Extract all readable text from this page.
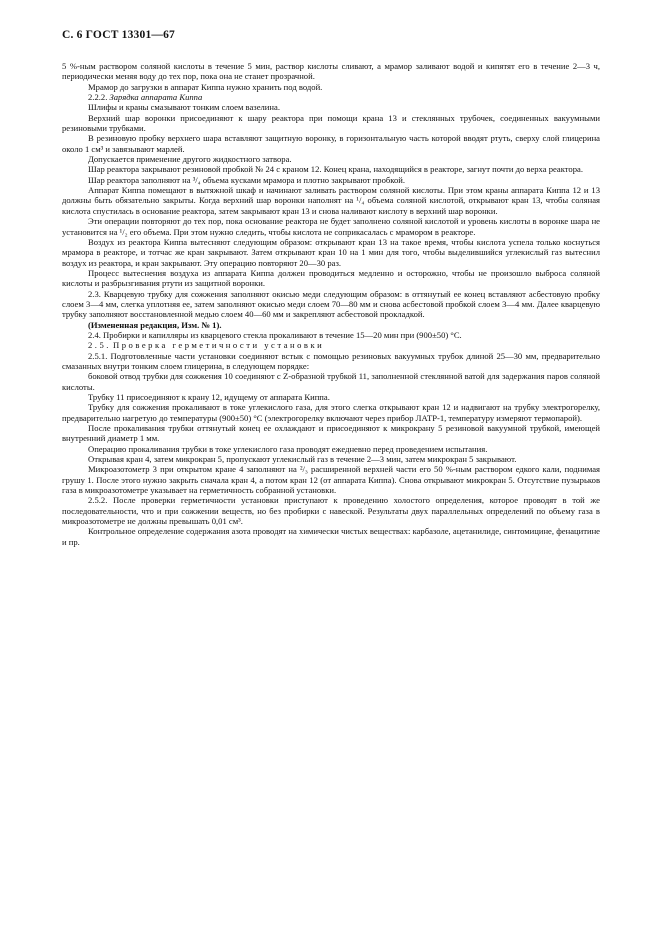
С. 6 ГОСТ 13301—67

5 %-ным раствором соляной кислоты в течение 5 мин, раствор кислоты сливают, а мрамор заливают водой и кипятят его в течение 2—3 ч, периодически меняя воду до тех пор, пока она не станет прозрачной.

Мрамор до загрузки в аппарат Киппа нужно хранить под водой.

2.2.2. Зарядка аппарата Киппа

Шлифы и краны смазывают тонким слоем вазелина.

Верхний шар воронки присоединяют к шару реактора при помощи крана 13 и стеклянных трубочек, соединенных вакуумными резиновыми трубками.

В резиновую пробку верхнего шара вставляют защитную воронку, в горизонтальную часть которой вводят ртуть, сверху слой глицерина около 1 см³ и завязывают марлей.

Допускается применение другого жидкостного затвора.

Шар реактора закрывают резиновой пробкой № 24 с краном 12. Конец крана, находящийся в реакторе, загнут почти до верха реактора.

Шар реактора заполняют на ³/₄ объема кусками мрамора и плотно закрывают пробкой.

Аппарат Киппа помещают в вытяжной шкаф и начинают заливать раствором соляной кислоты. При этом краны аппарата Киппа 12 и 13 должны быть обязательно закрыты. Когда верхний шар воронки наполнят на ¹/₄ объема соляной кислотой, открывают кран 13, чтобы соляная кислота спустилась в основание реактора, затем закрывают кран 13 и снова наливают кислоту в верхний шар воронки.

Эти операции повторяют до тех пор, пока основание реактора не будет заполнено соляной кислотой и уровень кислоты в воронке шара не установится на ¹/₂ его объема. При этом нужно следить, чтобы кислота не соприкасалась с мрамором в реакторе.

Воздух из реактора Киппа вытесняют следующим образом: открывают кран 13 на такое время, чтобы кислота успела только коснуться мрамора в реакторе, и тотчас же кран закрывают. Затем открывают кран 10 на 1 мин для того, чтобы выделившийся углекислый газ вытеснил воздух из реактора, и кран закрывают. Эту операцию повторяют 20—30 раз.

Процесс вытеснения воздуха из аппарата Киппа должен проводиться медленно и осторожно, чтобы не произошло выброса соляной кислоты и разбрызгивания ртути из защитной воронки.

2.3. Кварцевую трубку для сожжения заполняют окисью меди следующим образом: в оттянутый ее конец вставляют асбестовую пробку слоем 3—4 мм, слегка уплотняя ее, затем заполняют окисью меди слоем 70—80 мм и снова асбестовой пробкой слоем 3—4 мм. Далее кварцевую трубку заполняют восстановленной медью слоем 40—60 мм и закрепляют асбестовой прокладкой.

(Измененная редакция, Изм. № 1).

2.4. Пробирки и капилляры из кварцевого стекла прокаливают в течение 15—20 мин при (900±50) °С.

2.5. Проверка герметичности установки

2.5.1. Подготовленные части установки соединяют встык с помощью резиновых вакуумных трубок длиной 25—30 мм, предварительно смазанных внутри тонким слоем глицерина, в следующем порядке:

боковой отвод трубки для сожжения 10 соединяют с Z-образной трубкой 11, заполненной стеклянной ватой для задержания паров соляной кислоты.

Трубку 11 присоединяют к крану 12, идущему от аппарата Киппа.

Трубку для сожжения прокаливают в токе углекислого газа, для этого слегка открывают кран 12 и надвигают на трубку электрогорелку, предварительно нагретую до температуры (900±50) °С (электрогорелку включают через прибор ЛАТР-1, температуру измеряют термопарой).

После прокаливания трубки оттянутый конец ее охлаждают и присоединяют к микрокрану 5 резиновой вакуумной трубкой, имеющей внутренний диаметр 1 мм.

Операцию прокаливания трубки в токе углекислого газа проводят ежедневно перед проведением испытания.

Открывая кран 4, затем микрокран 5, пропускают углекислый газ в течение 2—3 мин, затем микрокран 5 закрывают.

Микроазотометр 3 при открытом кране 4 заполняют на ²/₃ расширенной верхней части его 50 %-ным раствором едкого кали, поднимая грушу 1. После этого нужно закрыть сначала кран 4, а потом кран 12 (от аппарата Киппа). Снова открывают микрокран 5. Отсутствие пузырьков газа в микроазотометре указывает на герметичность собранной установки.

2.5.2. После проверки герметичности установки приступают к проведению холостого определения, которое проводят в той же последовательности, что и при сожжении веществ, но без пробирки с навеской. Результаты двух параллельных определений по объему газа в микроазотометре не должны превышать 0,01 см³.

Контрольное определение содержания азота проводят на химически чистых веществах: карбазоле, ацетанилиде, синтомицине, фенацитине и пр.
